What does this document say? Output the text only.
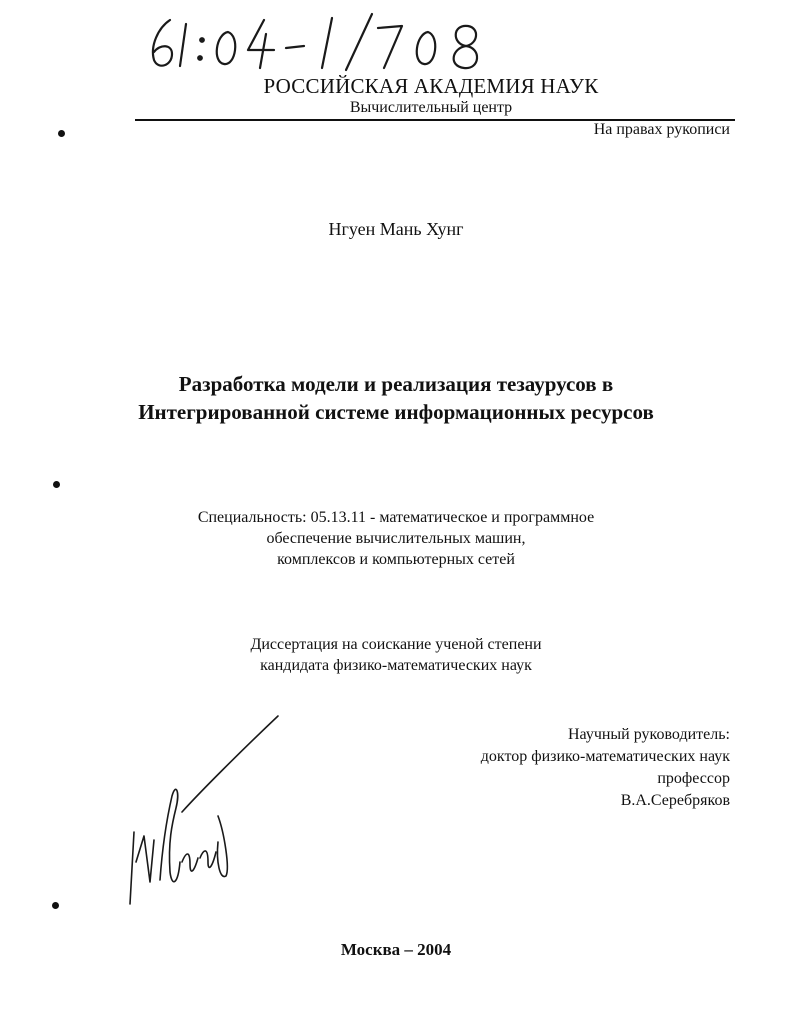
РОССИЙСКАЯ АКАДЕМИЯ НАУК
Вычислительный центр
На правах рукописи
Нгуен Мань Хунг
Разработка модели и реализация тезаурусов в
Интегрированной системе информационных ресурсов
Специальность: 05.13.11 - математическое и программное
обеспечение вычислительных машин,
комплексов и компьютерных сетей
Диссертация на соискание ученой степени
кандидата физико-математических наук
Научный руководитель:
доктор физико-математических наук
профессор
В.А.Серебряков
Москва – 2004
